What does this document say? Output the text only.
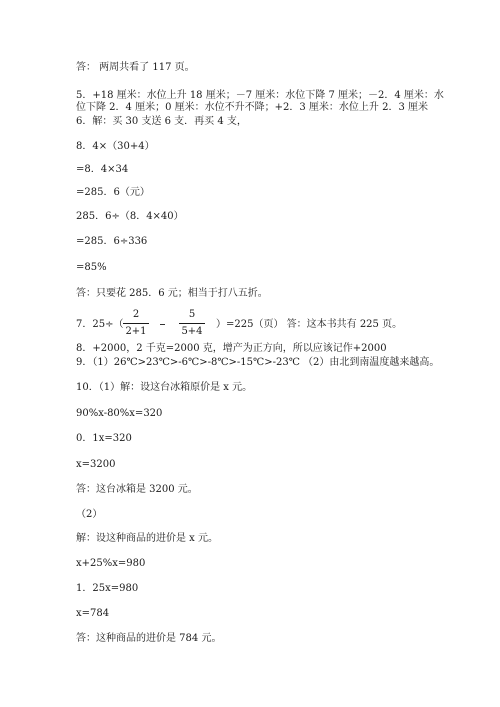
答： 两周共看了 117 页。
5．+18 厘米：水位上升 18 厘米；－7 厘米：水位下降 7 厘米；－2．4 厘米：水
位下降 2．4 厘米；0 厘米：水位不升不降；+2．3 厘米：水位上升 2．3 厘米
6．解：买 30 支送 6 支．再买 4 支，
8．4×（30+4）
=8．4×34
=285．6（元）
285．6÷（8．4×40）
=285．6÷336
=85%
答：只要花 285．6 元；相当于打八五折。
7．25÷（
2
2+1
5
5+4
）=225（页） 答：这本书共有 225 页。
8．+2000，2 千克=2000 克，增产为正方向，所以应该记作+2000
9．（1）26℃>23℃>-6℃>-8℃>-15℃>-23℃ （2）由北到南温度越来越高。
10．（1）解：设这台冰箱原价是 x 元。
90%x-80%x=320
0．1x=320
x=3200
答：这台冰箱是 3200 元。
（2）
解：设这种商品的进价是 x 元。
x+25%x=980
1．25x=980
x=784
答：这种商品的进价是 784 元。
